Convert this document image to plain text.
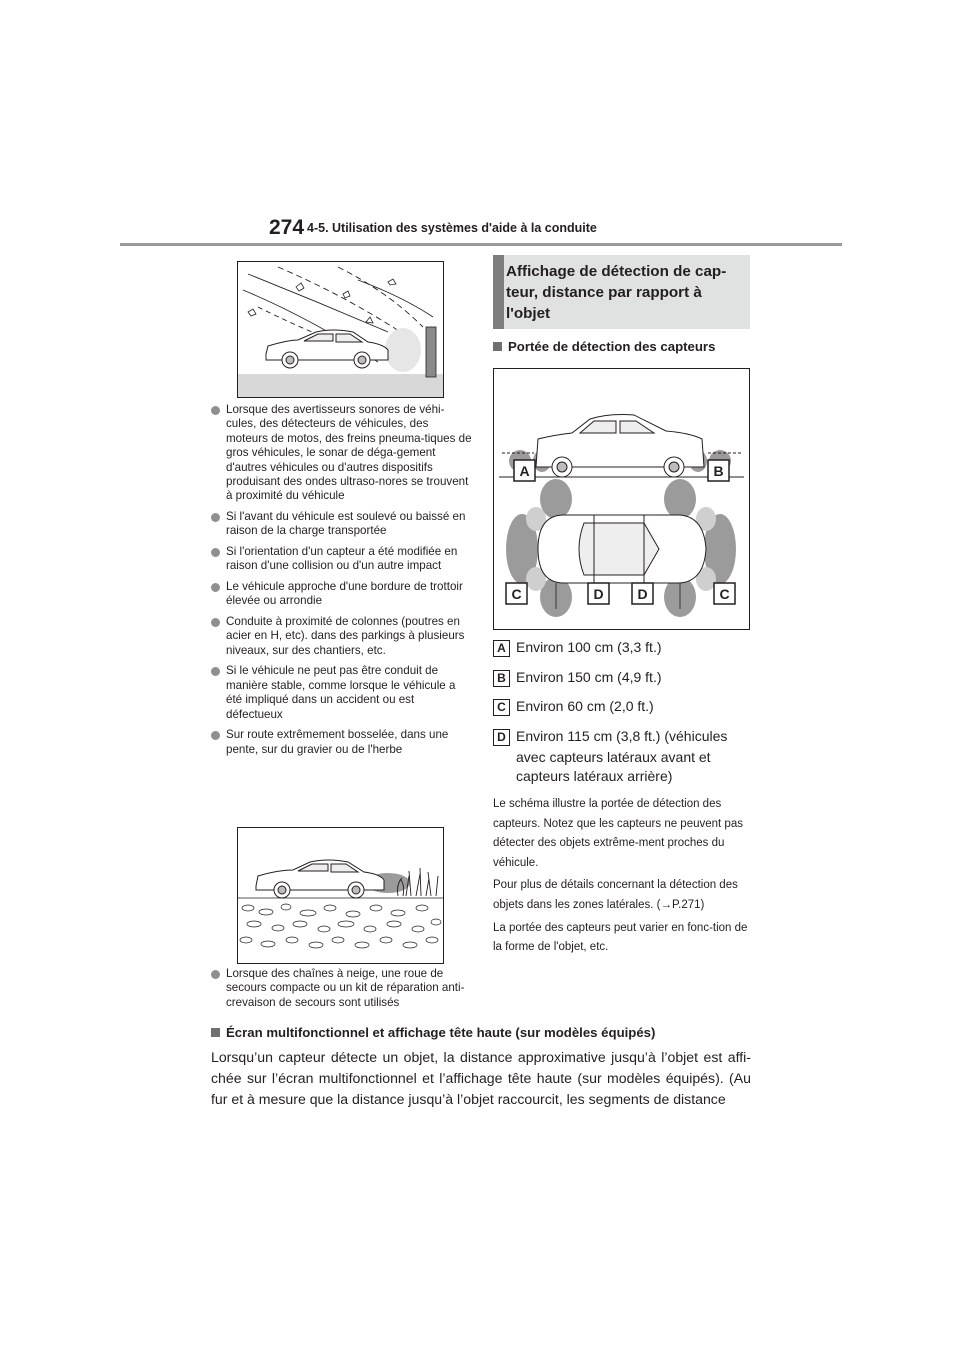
274 4-5. Utilisation des systèmes d'aide à la conduite
Lorsque des avertisseurs sonores de véhi-cules, des détecteurs de véhicules, des moteurs de motos, des freins pneuma-tiques de gros véhicules, le sonar de déga-gement d'autres véhicules ou d'autres dispositifs produisant des ondes ultraso-nores se trouvent à proximité du véhicule
Si l'avant du véhicule est soulevé ou baissé en raison de la charge transportée
Si l'orientation d'un capteur a été modifiée en raison d'une collision ou d'un autre impact
Le véhicule approche d'une bordure de trottoir élevée ou arrondie
Conduite à proximité de colonnes (poutres en acier en H, etc). dans des parkings à plusieurs niveaux, sur des chantiers, etc.
Si le véhicule ne peut pas être conduit de manière stable, comme lorsque le véhicule a été impliqué dans un accident ou est défectueux
Sur route extrêmement bosselée, dans une pente, sur du gravier ou de l'herbe
Lorsque des chaînes à neige, une roue de secours compacte ou un kit de réparation anti-crevaison de secours sont utilisés
Affichage de détection de cap-teur, distance par rapport à l'objet
Portée de détection des capteurs
A	B
C	D D	C
A Environ 100 cm (3,3 ft.)
B Environ 150 cm (4,9 ft.)
C Environ 60 cm (2,0 ft.)
D Environ 115 cm (3,8 ft.) (véhicules
avec capteurs latéraux avant et capteurs latéraux arrière)

Le schéma illustre la portée de détection des capteurs. Notez que les capteurs ne peuvent pas détecter des objets extrême-ment proches du véhicule.

Pour plus de détails concernant la détection des objets dans les zones latérales. (→P.271)

La portée des capteurs peut varier en fonc-tion de la forme de l'objet, etc.

Écran multifonctionnel et affichage tête haute (sur modèles équipés)
Lorsqu’un capteur détecte un objet, la distance approximative jusqu’à l’objet est affi-chée sur l’écran multifonctionnel et l’affichage tête haute (sur modèles équipés). (Au fur et à mesure que la distance jusqu’à l’objet raccourcit, les segments de distance
